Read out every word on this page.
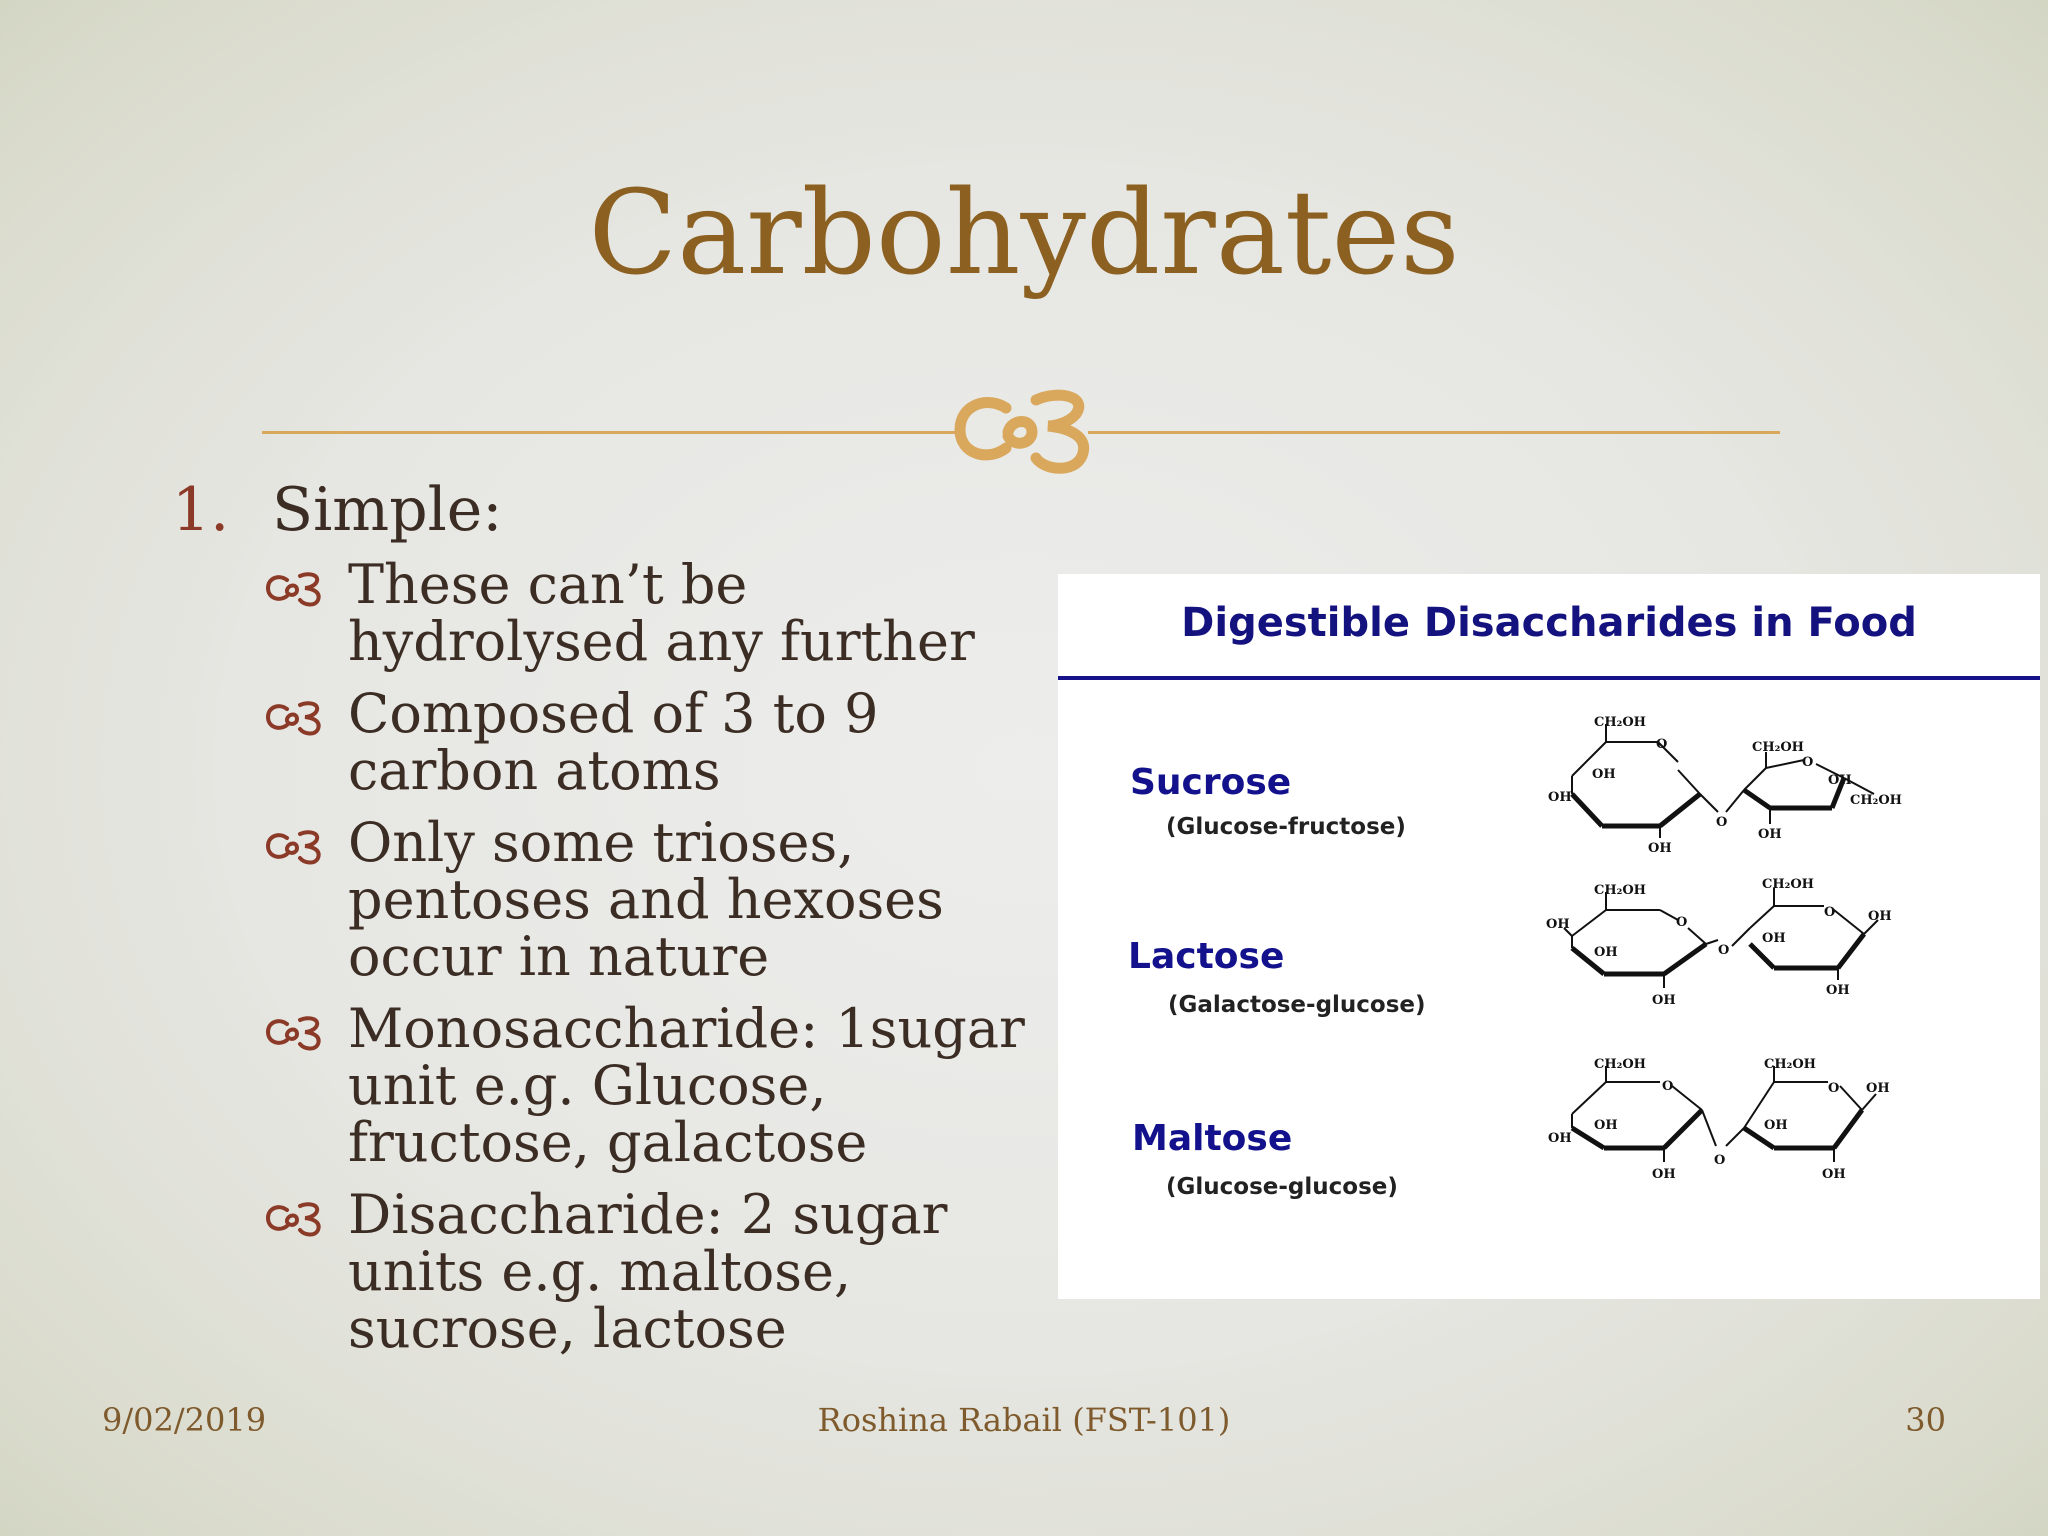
Carbohydrates
1. Simple:
These can’t be hydrolysed any further
Composed of 3 to 9 carbon atoms
Only some trioses, pentoses and hexoses occur in nature
Monosaccharide: 1sugar unit e.g. Glucose, fructose, galactose
Disaccharide: 2 sugar units e.g. maltose, sucrose, lactose
Digestible Disaccharides in Food
Sucrose
(Glucose-fructose)
Lactose
(Galactose-glucose)
Maltose
(Glucose-glucose)
CH₂OH
O
OH
OH
OH
O
CH₂OH
O
OH
CH₂OH
OH
CH₂OH
O
OH
OH
OH
O
CH₂OH
O
OH
OH
OH
CH₂OH
O
OH
OH
OH
O
CH₂OH
O
OH
OH
OH
9/02/2019	Roshina Rabail (FST-101)	30
